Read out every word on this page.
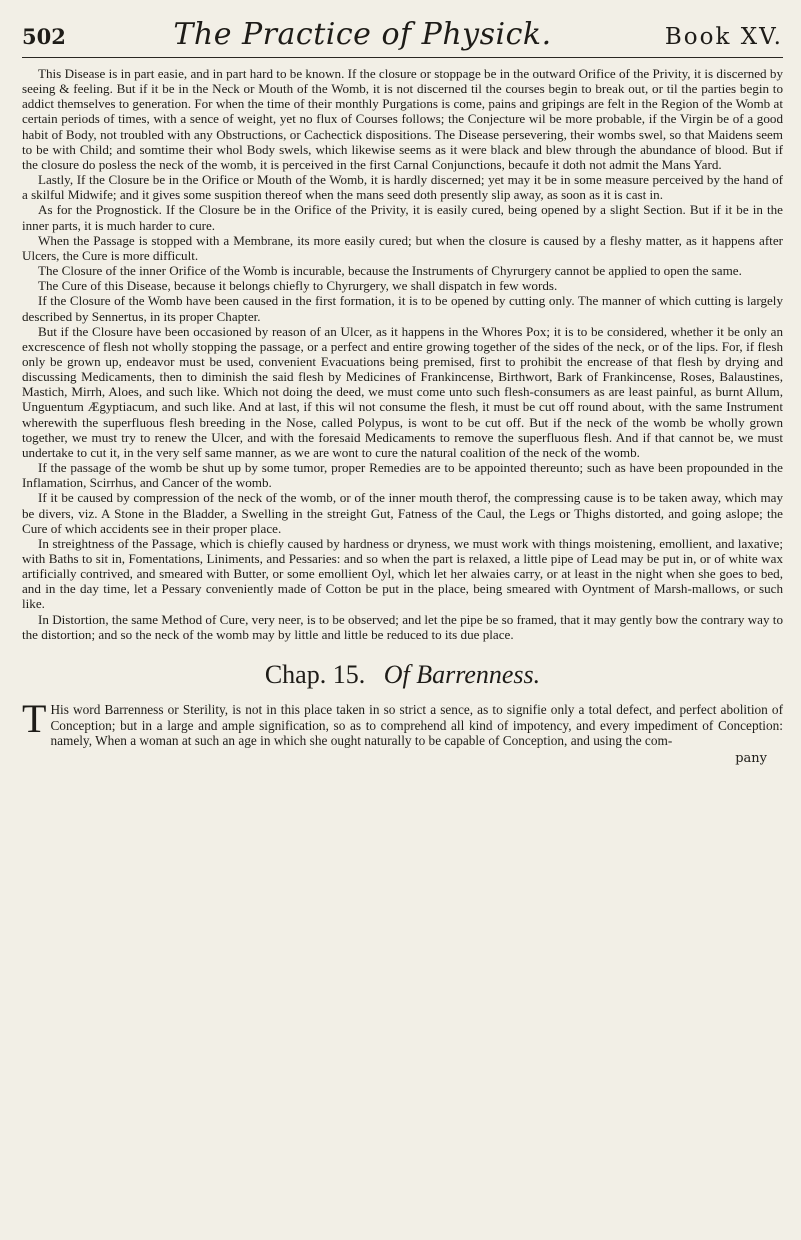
502	The Practice of Physick.	Book XV.

This Disease is in part easie, and in part hard to be known. If the closure or stoppage be in the outward Orifice of the Privity, it is discerned by seeing & feeling. But if it be in the Neck or Mouth of the Womb, it is not discerned til the courses begin to break out, or til the parties begin to addict themselves to generation. For when the time of their monthly Purgations is come, pains and gripings are felt in the Region of the Womb at certain periods of times, with a sence of weight, yet no flux of Courses follows; the Conjecture wil be more probable, if the Virgin be of a good habit of Body, not troubled with any Obstructions, or Cachectick dispositions. The Disease persevering, their wombs swel, so that Maidens seem to be with Child; and somtime their whol Body swels, which likewise seems as it were black and blew through the abundance of blood. But if the closure do posless the neck of the womb, it is perceived in the first Carnal Conjunctions, becaufe it doth not admit the Mans Yard.

Lastly, If the Closure be in the Orifice or Mouth of the Womb, it is hardly discerned; yet may it be in some measure perceived by the hand of a skilful Midwife; and it gives some suspition thereof when the mans seed doth presently slip away, as soon as it is cast in.

As for the Prognostick. If the Closure be in the Orifice of the Privity, it is easily cured, being opened by a slight Section. But if it be in the inner parts, it is much harder to cure.

When the Passage is stopped with a Membrane, its more easily cured; but when the closure is caused by a fleshy matter, as it happens after Ulcers, the Cure is more difficult.

The Closure of the inner Orifice of the Womb is incurable, because the Instruments of Chyrurgery cannot be applied to open the same.

The Cure of this Disease, because it belongs chiefly to Chyrurgery, we shall dispatch in few words.

If the Closure of the Womb have been caused in the first formation, it is to be opened by cutting only. The manner of which cutting is largely described by Sennertus, in its proper Chapter.

But if the Closure have been occasioned by reason of an Ulcer, as it happens in the Whores Pox; it is to be considered, whether it be only an excrescence of flesh not wholly stopping the passage, or a perfect and entire growing together of the sides of the neck, or of the lips. For, if flesh only be grown up, endeavor must be used, convenient Evacuations being premised, first to prohibit the encrease of that flesh by drying and discussing Medicaments, then to diminish the said flesh by Medicines of Frankincense, Birthwort, Bark of Frankincense, Roses, Balaustines, Mastich, Mirrh, Aloes, and such like. Which not doing the deed, we must come unto such flesh-consumers as are least painful, as burnt Allum, Unguentum Ægyptiacum, and such like. And at last, if this wil not consume the flesh, it must be cut off round about, with the same Instrument wherewith the superfluous flesh breeding in the Nose, called Polypus, is wont to be cut off. But if the neck of the womb be wholly grown together, we must try to renew the Ulcer, and with the foresaid Medicaments to remove the superfluous flesh. And if that cannot be, we must undertake to cut it, in the very self same manner, as we are wont to cure the natural coalition of the neck of the womb.

If the passage of the womb be shut up by some tumor, proper Remedies are to be appointed thereunto; such as have been propounded in the Inflamation, Scirrhus, and Cancer of the womb.

If it be caused by compression of the neck of the womb, or of the inner mouth therof, the compressing cause is to be taken away, which may be divers, viz. A Stone in the Bladder, a Swelling in the streight Gut, Fatness of the Caul, the Legs or Thighs distorted, and going aslope; the Cure of which accidents see in their proper place.

In streightness of the Passage, which is chiefly caused by hardness or dryness, we must work with things moistening, emollient, and laxative; with Baths to sit in, Fomentations, Liniments, and Pessaries: and so when the part is relaxed, a little pipe of Lead may be put in, or of white wax artificially contrived, and smeared with Butter, or some emollient Oyl, which let her alwaies carry, or at least in the night when she goes to bed, and in the day time, let a Pessary conveniently made of Cotton be put in the place, being smeared with Oyntment of Marsh-mallows, or such like.

In Distortion, the same Method of Cure, very neer, is to be observed; and let the pipe be so framed, that it may gently bow the contrary way to the distortion; and so the neck of the womb may by little and little be reduced to its due place.

Chap. 15. Of Barrenness.
T His word Barrenness or Sterility, is not in this place taken in so strict a sence, as to signifie only a total defect, and perfect abolition of Conception; but in a large and ample signification, so as to comprehend all kind of impotency, and every impediment of Conception: namely, When a woman at such an age in which she ought naturally to be capable of Conception, and using the com-
pany
